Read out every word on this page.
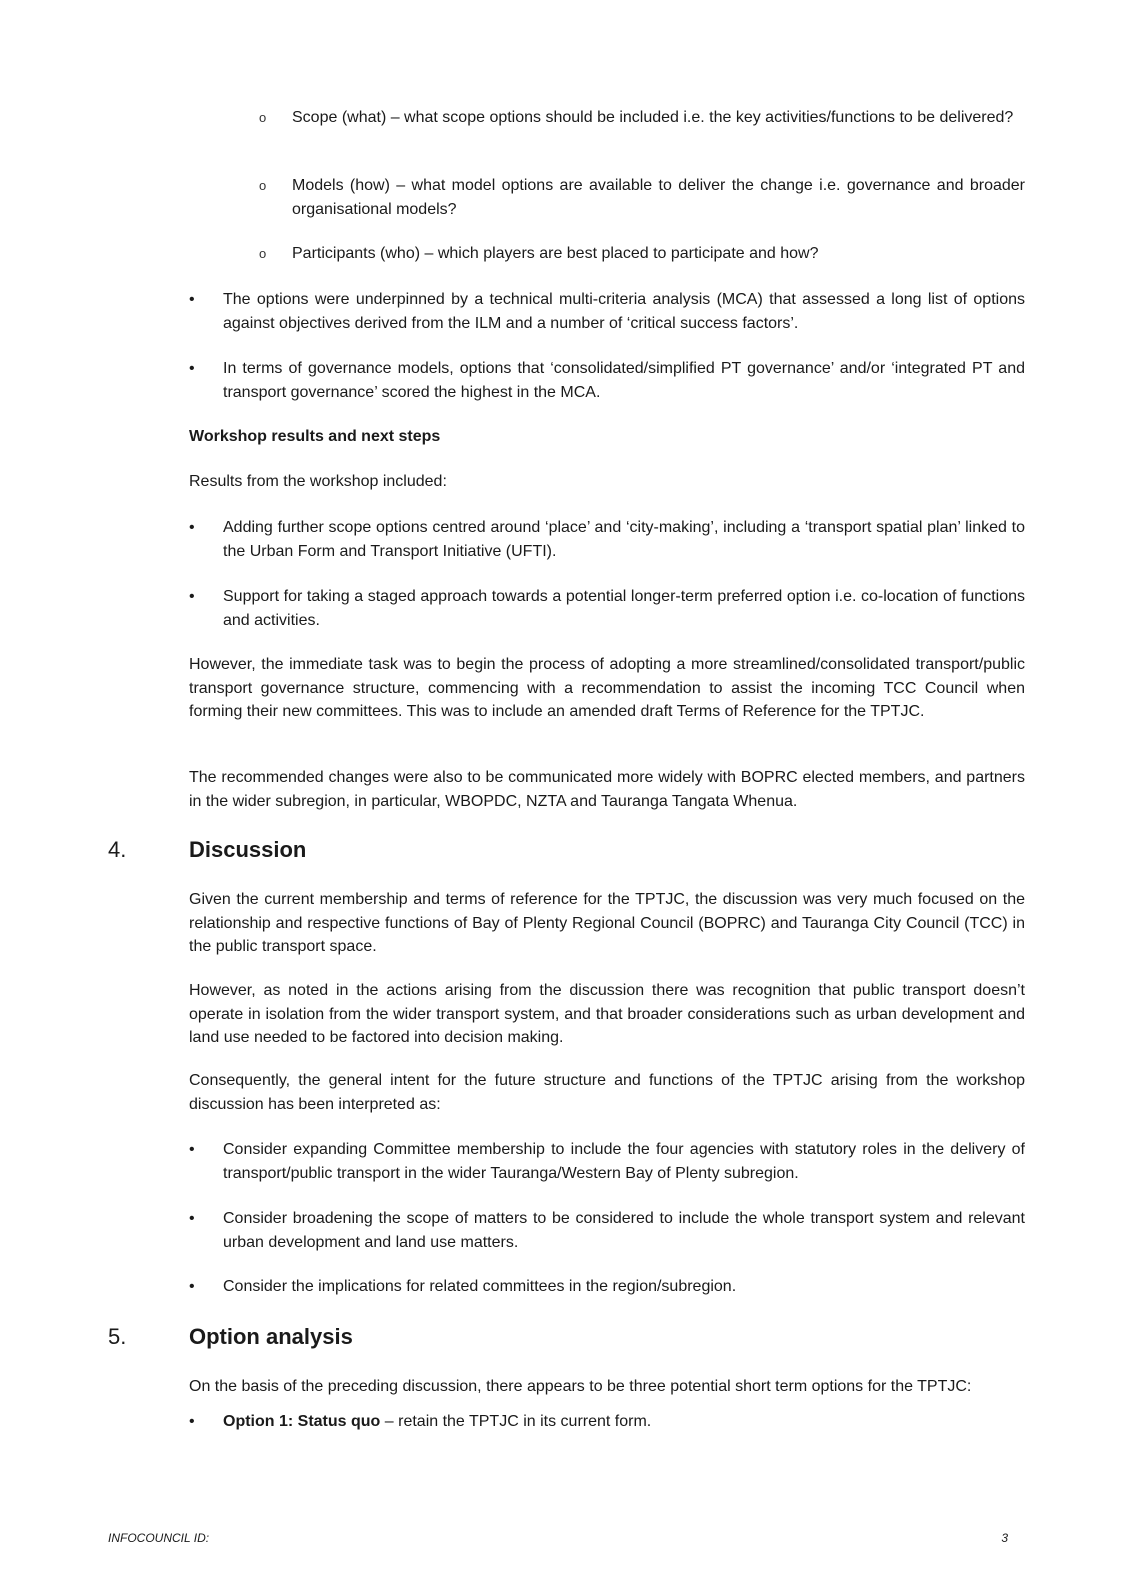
o Scope (what) – what scope options should be included i.e. the key activities/functions to be delivered?
o Models (how) – what model options are available to deliver the change i.e. governance and broader organisational models?
o Participants (who) – which players are best placed to participate and how?
• The options were underpinned by a technical multi-criteria analysis (MCA) that assessed a long list of options against objectives derived from the ILM and a number of ‘critical success factors’.
• In terms of governance models, options that ‘consolidated/simplified PT governance’ and/or ‘integrated PT and transport governance’ scored the highest in the MCA.
Workshop results and next steps

Results from the workshop included:

• Adding further scope options centred around ‘place’ and ‘city-making’, including a ‘transport spatial plan’ linked to the Urban Form and Transport Initiative (UFTI).
• Support for taking a staged approach towards a potential longer-term preferred option i.e. co-location of functions and activities.

However, the immediate task was to begin the process of adopting a more streamlined/consolidated transport/public transport governance structure, commencing with a recommendation to assist the incoming TCC Council when forming their new committees. This was to include an amended draft Terms of Reference for the TPTJC.

The recommended changes were also to be communicated more widely with BOPRC elected members, and partners in the wider subregion, in particular, WBOPDC, NZTA and Tauranga Tangata Whenua.

4.	Discussion

Given the current membership and terms of reference for the TPTJC, the discussion was very much focused on the relationship and respective functions of Bay of Plenty Regional Council (BOPRC) and Tauranga City Council (TCC) in the public transport space.

However, as noted in the actions arising from the discussion there was recognition that public transport doesn’t operate in isolation from the wider transport system, and that broader considerations such as urban development and land use needed to be factored into decision making.

Consequently, the general intent for the future structure and functions of the TPTJC arising from the workshop discussion has been interpreted as:

• Consider expanding Committee membership to include the four agencies with statutory roles in the delivery of transport/public transport in the wider Tauranga/Western Bay of Plenty subregion.
• Consider broadening the scope of matters to be considered to include the whole transport system and relevant urban development and land use matters.
• Consider the implications for related committees in the region/subregion.
5.	Option analysis

On the basis of the preceding discussion, there appears to be three potential short term options for the TPTJC:

• Option 1: Status quo – retain the TPTJC in its current form.
INFOCOUNCIL ID:	3
